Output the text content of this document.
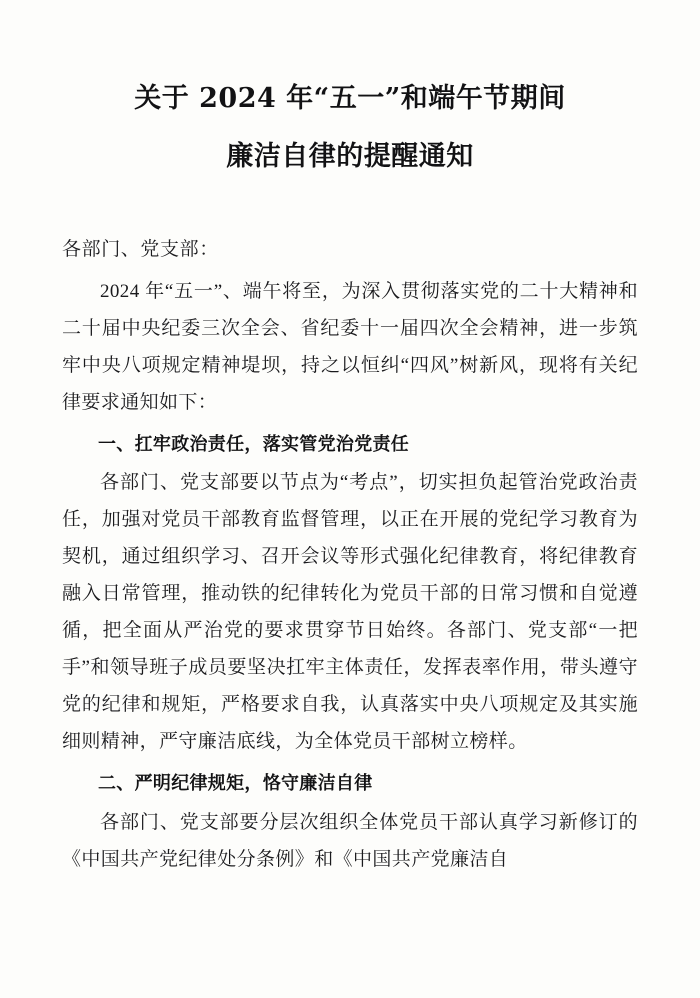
关于 2024 年“五一”和端午节期间
廉洁自律的提醒通知

各部门、党支部：

2024 年“五一”、端午将至，为深入贯彻落实党的二十大精神和二十届中央纪委三次全会、省纪委十一届四次全会精神，进一步筑牢中央八项规定精神堤坝，持之以恒纠“四风”树新风，现将有关纪律要求通知如下：

一、扛牢政治责任，落实管党治党责任

各部门、党支部要以节点为“考点”，切实担负起管治党政治责任，加强对党员干部教育监督管理，以正在开展的党纪学习教育为契机，通过组织学习、召开会议等形式强化纪律教育，将纪律教育融入日常管理，推动铁的纪律转化为党员干部的日常习惯和自觉遵循，把全面从严治党的要求贯穿节日始终。各部门、党支部“一把手”和领导班子成员要坚决扛牢主体责任，发挥表率作用，带头遵守党的纪律和规矩，严格要求自我，认真落实中央八项规定及其实施细则精神，严守廉洁底线，为全体党员干部树立榜样。

二、严明纪律规矩，恪守廉洁自律

各部门、党支部要分层次组织全体党员干部认真学习新修订的《中国共产党纪律处分条例》和《中国共产党廉洁自
